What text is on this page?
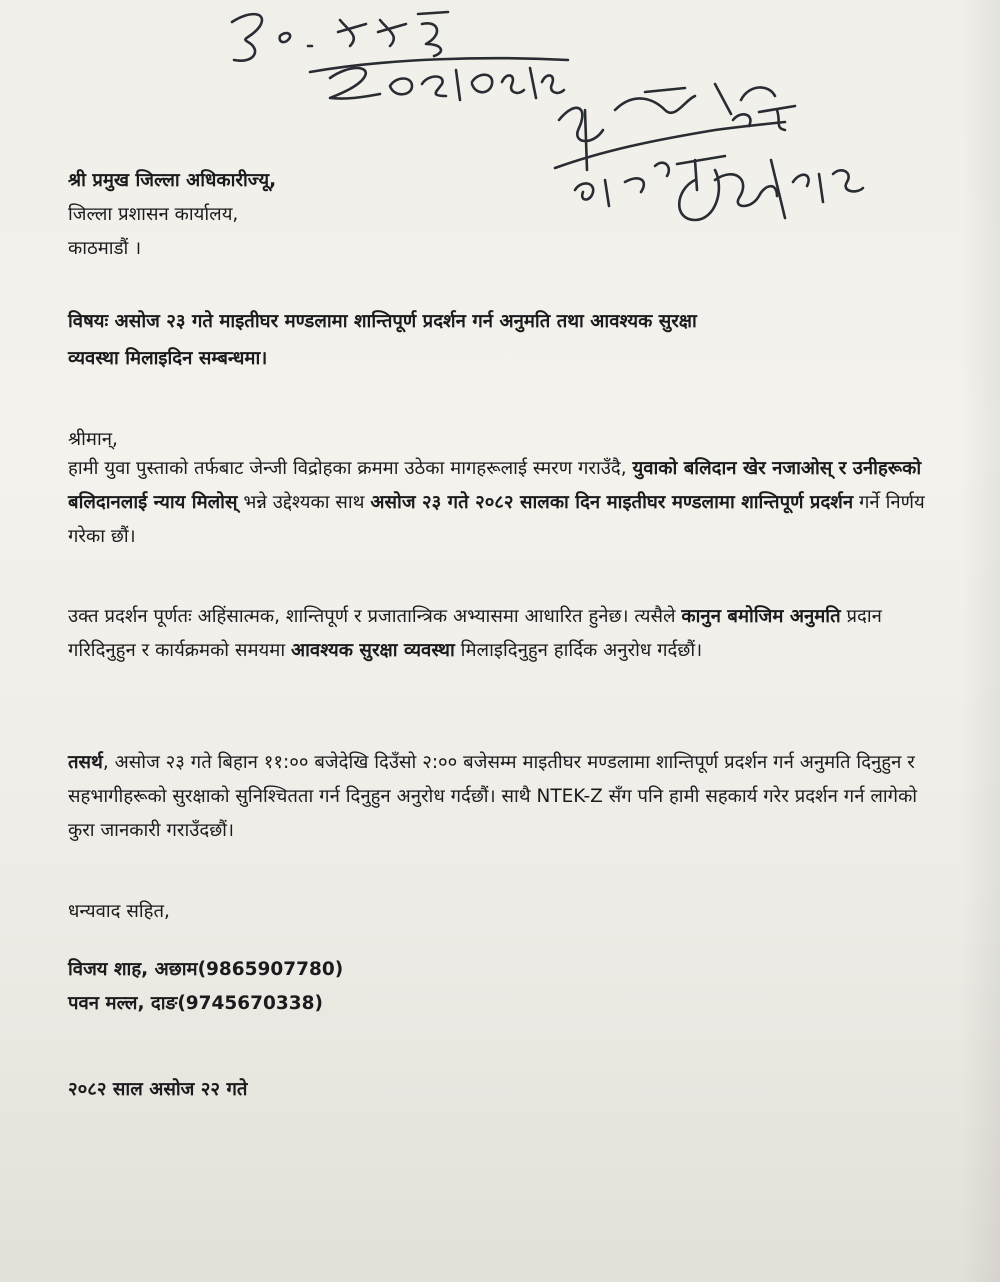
श्री प्रमुख जिल्ला अधिकारीज्यू,
जिल्ला प्रशासन कार्यालय,
काठमाडौं ।
विषयः असोज २३ गते माइतीघर मण्डलामा शान्तिपूर्ण प्रदर्शन गर्न अनुमति तथा आवश्यक सुरक्षा
व्यवस्था मिलाइदिन सम्बन्धमा।
श्रीमान्,
हामी युवा पुस्ताको तर्फबाट जेन्जी विद्रोहका क्रममा उठेका मागहरूलाई स्मरण गराउँदै, युवाको बलिदान खेर नजाओस् र उनीहरूको बलिदानलाई न्याय मिलोस् भन्ने उद्देश्यका साथ असोज २३ गते २०८२ सालका दिन माइतीघर मण्डलामा शान्तिपूर्ण प्रदर्शन गर्ने निर्णय गरेका छौं।
उक्त प्रदर्शन पूर्णतः अहिंसात्मक, शान्तिपूर्ण र प्रजातान्त्रिक अभ्यासमा आधारित हुनेछ। त्यसैले कानुन बमोजिम अनुमति प्रदान गरिदिनुहुन र कार्यक्रमको समयमा आवश्यक सुरक्षा व्यवस्था मिलाइदिनुहुन हार्दिक अनुरोध गर्दछौं।
तसर्थ, असोज २३ गते बिहान ११:०० बजेदेखि दिउँसो २:०० बजेसम्म माइतीघर मण्डलामा शान्तिपूर्ण प्रदर्शन गर्न अनुमति दिनुहुन र सहभागीहरूको सुरक्षाको सुनिश्चितता गर्न दिनुहुन अनुरोध गर्दछौं। साथै NTEK-Z सँग पनि हामी सहकार्य गरेर प्रदर्शन गर्न लागेको कुरा जानकारी गराउँदछौं।
धन्यवाद सहित,
विजय शाह, अछाम(9865907780)
पवन मल्ल, दाङ(9745670338)
२०८२ साल असोज २२ गते
